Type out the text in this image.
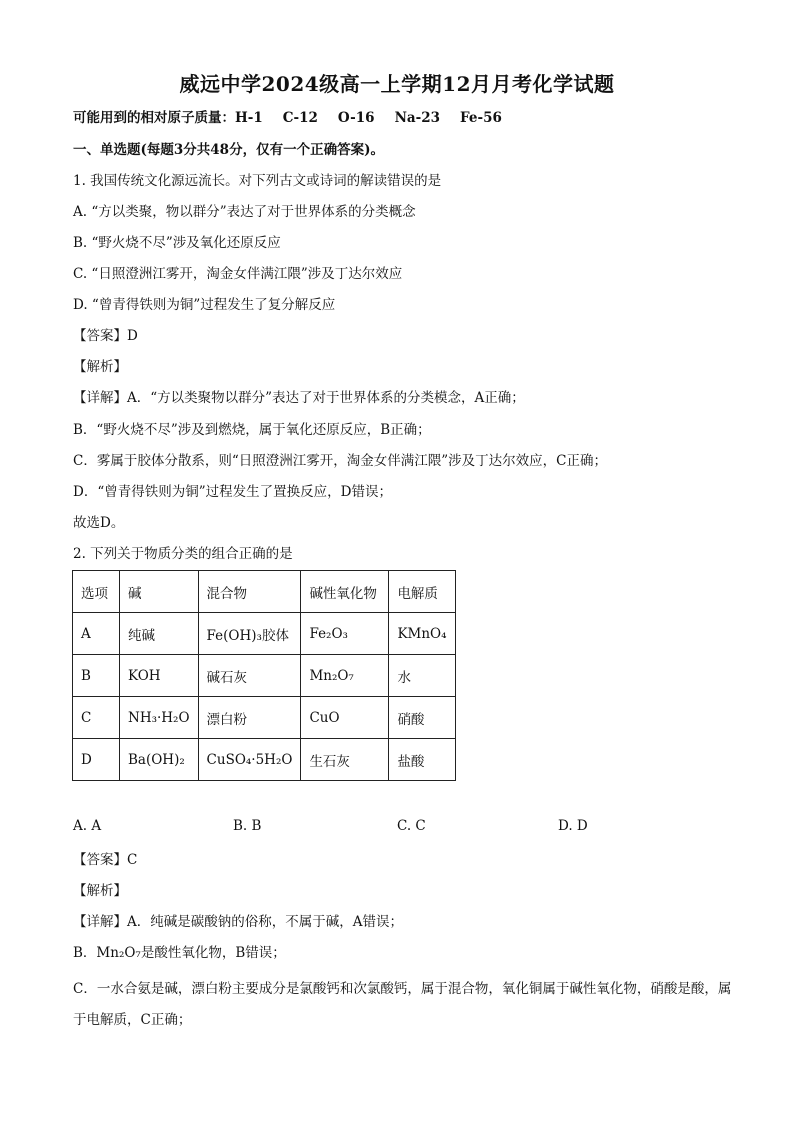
威远中学2024级高一上学期12月月考化学试题
可能用到的相对原子质量：H-1 C-12 O-16 Na-23 Fe-56
一、单选题(每题3分共48分，仅有一个正确答案)。
1. 我国传统文化源远流长。对下列古文或诗词的解读错误的是
A. “方以类聚，物以群分”表达了对于世界体系的分类概念
B. “野火烧不尽”涉及氧化还原反应
C. “日照澄洲江雾开，淘金女伴满江隈”涉及丁达尔效应
D. “曾青得铁则为铜”过程发生了复分解反应
【答案】D
【解析】
【详解】A．“方以类聚物以群分”表达了对于世界体系的分类模念，A正确；
B．“野火烧不尽”涉及到燃烧，属于氧化还原反应，B正确；
C．雾属于胶体分散系，则“日照澄洲江雾开，淘金女伴满江隈”涉及丁达尔效应，C正确；
D．“曾青得铁则为铜”过程发生了置换反应，D错误；
故选D。
2. 下列关于物质分类的组合正确的是
选项	碱	混合物	碱性氧化物	电解质
A	纯碱	Fe(OH)₃胶体	Fe₂O₃	KMnO₄
B	KOH	碱石灰	Mn₂O₇	水
C	NH₃·H₂O	漂白粉	CuO	硝酸
D	Ba(OH)₂	CuSO₄·5H₂O	生石灰	盐酸
A. A	B. B	C. C	D. D
【答案】C
【解析】
【详解】A．纯碱是碳酸钠的俗称，不属于碱，A错误；
B．Mn₂O₇是酸性氧化物，B错误；
C．一水合氨是碱，漂白粉主要成分是氯酸钙和次氯酸钙，属于混合物，氧化铜属于碱性氧化物，硝酸是酸，属于电解质，C正确；
